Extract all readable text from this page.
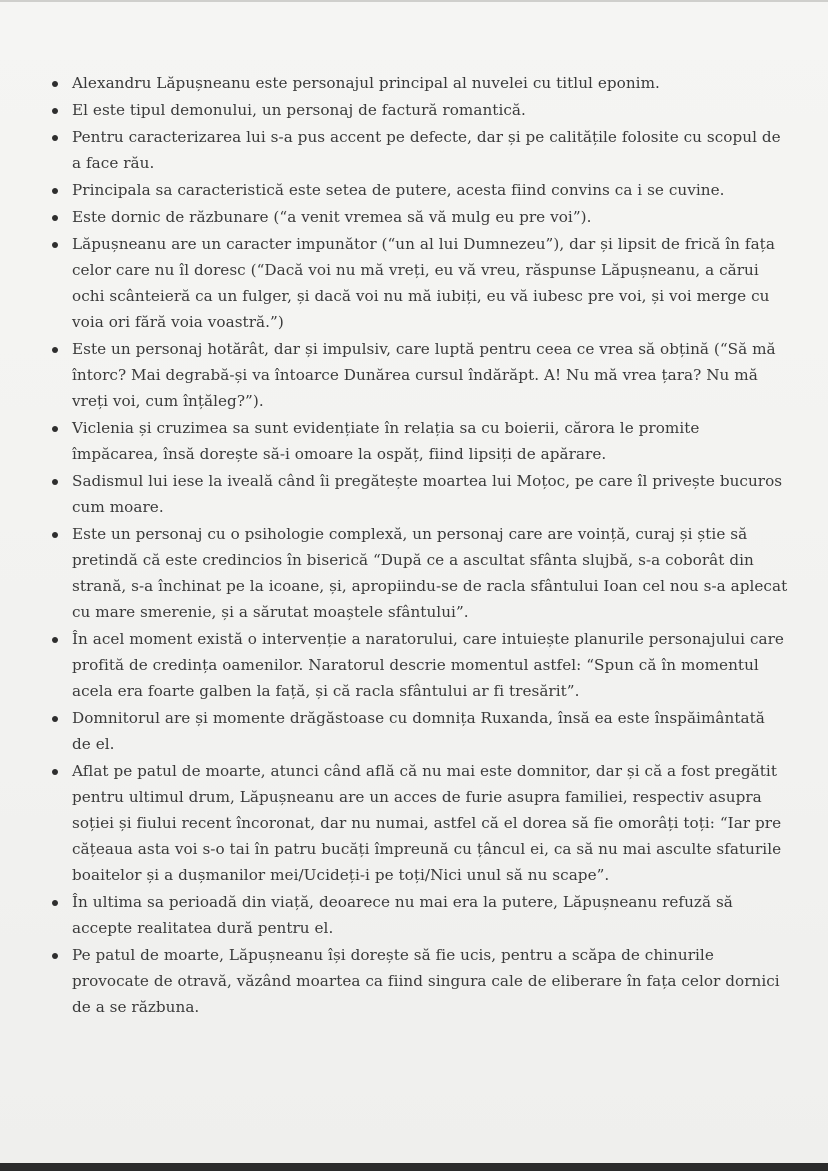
Alexandru Lăpușneanu este personajul principal al nuvelei cu titlul eponim.
El este tipul demonului, un personaj de factură romantică.
Pentru caracterizarea lui s-a pus accent pe defecte, dar și pe calitățile folosite cu scopul de a face rău.
Principala sa caracteristică este setea de putere, acesta fiind convins ca i se cuvine.
Este dornic de răzbunare (“a venit vremea să vă mulg eu pre voi”).
Lăpușneanu are un caracter impunător (“un al lui Dumnezeu”), dar și lipsit de frică în fața celor care nu îl doresc (“Dacă voi nu mă vreți, eu vă vreu, răspunse Lăpușneanu, a cărui ochi scânteieră ca un fulger, și dacă voi nu mă iubiți, eu vă iubesc pre voi, și voi merge cu voia ori fără voia voastră.”)
Este un personaj hotărât, dar și impulsiv, care luptă pentru ceea ce vrea să obțină (“Să mă întorc? Mai degrabă-și va întoarce Dunărea cursul îndărăpt. A! Nu mă vrea țara? Nu mă vreți voi, cum înțăleg?”).
Viclenia și cruzimea sa sunt evidențiate în relația sa cu boierii, cărora le promite împăcarea, însă dorește să-i omoare la ospăț, fiind lipsiți de apărare.
Sadismul lui iese la iveală când îi pregătește moartea lui Moțoc, pe care îl privește bucuros cum moare.
Este un personaj cu o psihologie complexă, un personaj care are voință, curaj și știe să pretindă că este credincios în biserică “După ce a ascultat sfânta slujbă, s-a coborât din strană, s-a închinat pe la icoane, și, apropiindu-se de racla sfântului Ioan cel nou s-a aplecat cu mare smerenie, și a sărutat moaștele sfântului”.
În acel moment există o intervenție a naratorului, care intuiește planurile personajului care profită de credința oamenilor. Naratorul descrie momentul astfel: “Spun că în momentul acela era foarte galben la față, și că racla sfântului ar fi tresărit”.
Domnitorul are și momente drăgăstoase cu domnița Ruxanda, însă ea este înspăimântată de el.
Aflat pe patul de moarte, atunci când află că nu mai este domnitor, dar și că a fost pregătit pentru ultimul drum, Lăpușneanu are un acces de furie asupra familiei, respectiv asupra soției și fiului recent încoronat, dar nu numai, astfel că el dorea să fie omorâți toți: “Iar pre cățeaua asta voi s-o tai în patru bucăți împreună cu țâncul ei, ca să nu mai asculte sfaturile boaitelor și a dușmanilor mei/Ucideți-i pe toți/Nici unul să nu scape”.
În ultima sa perioadă din viață, deoarece nu mai era la putere, Lăpușneanu refuză să accepte realitatea dură pentru el.
Pe patul de moarte, Lăpușneanu își dorește să fie ucis, pentru a scăpa de chinurile provocate de otravă, văzând moartea ca fiind singura cale de eliberare în fața celor dornici de a se răzbuna.
